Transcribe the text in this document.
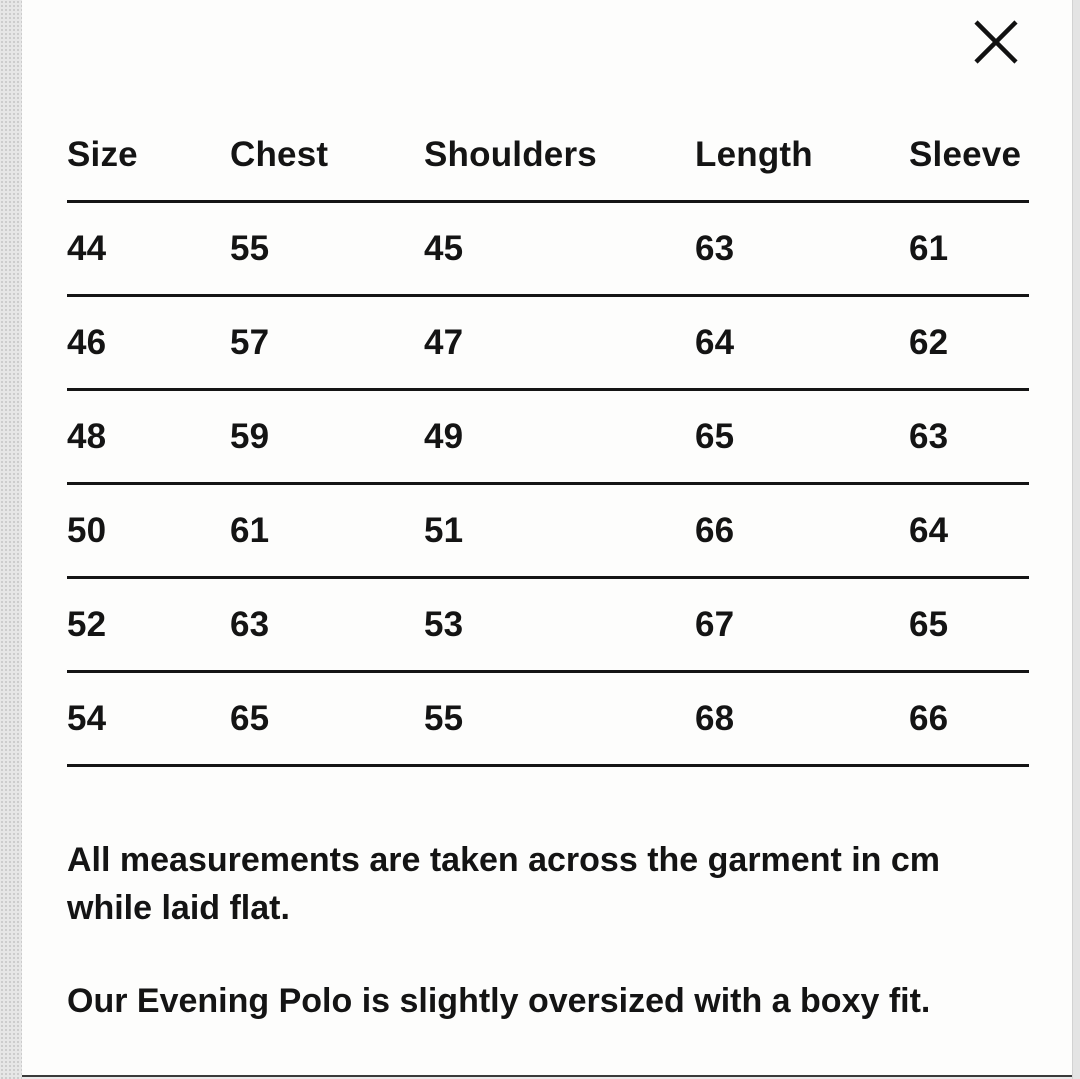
Size	Chest	Shoulders	Length	Sleeve
44	55	45	63	61
46	57	47	64	62
48	59	49	65	63
50	61	51	66	64
52	63	53	67	65
54	65	55	68	66

All measurements are taken across the garment in cm while laid flat.

Our Evening Polo is slightly oversized with a boxy fit.
